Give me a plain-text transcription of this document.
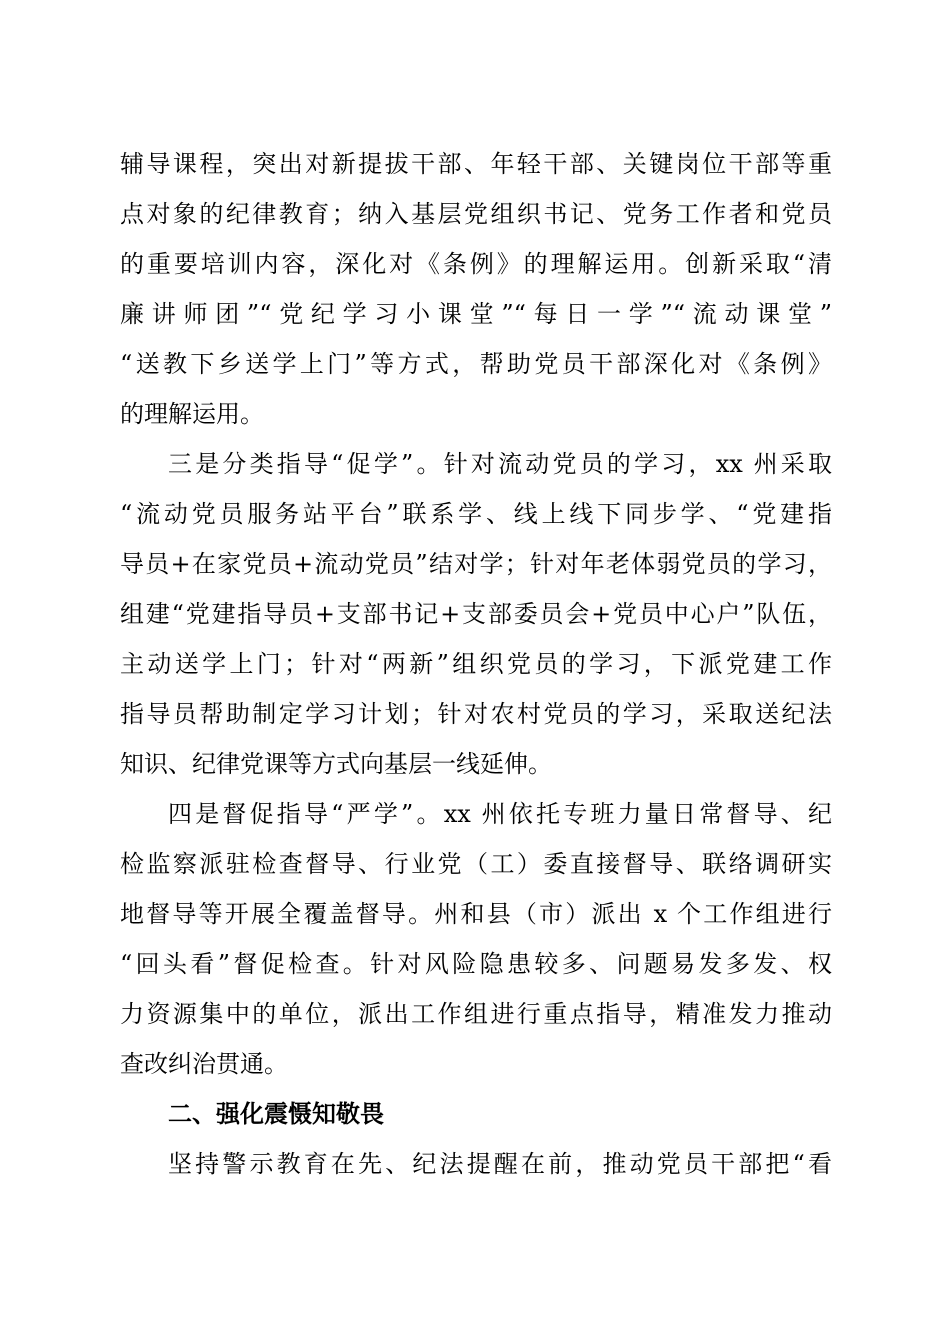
辅导课程，突出对新提拔干部、年轻干部、关键岗位干部等重
点对象的纪律教育；纳入基层党组织书记、党务工作者和党员
的重要培训内容，深化对《条例》的理解运用。创新采取“清
廉讲师团”“党纪学习小课堂”“每日一学”“流动课堂”
“送教下乡送学上门”等方式，帮助党员干部深化对《条例》
的理解运用。
三是分类指导“促学”。针对流动党员的学习，xx 州采取
“流动党员服务站平台”联系学、线上线下同步学、“党建指
导员+在家党员+流动党员”结对学；针对年老体弱党员的学习，
组建“党建指导员+支部书记+支部委员会+党员中心户”队伍，
主动送学上门；针对“两新”组织党员的学习，下派党建工作
指导员帮助制定学习计划；针对农村党员的学习，采取送纪法
知识、纪律党课等方式向基层一线延伸。
四是督促指导“严学”。xx 州依托专班力量日常督导、纪
检监察派驻检查督导、行业党（工）委直接督导、联络调研实
地督导等开展全覆盖督导。州和县（市）派出 x 个工作组进行
“回头看”督促检查。针对风险隐患较多、问题易发多发、权
力资源集中的单位，派出工作组进行重点指导，精准发力推动
查改纠治贯通。
二、强化震慑知敬畏
坚持警示教育在先、纪法提醒在前，推动党员干部把“看
